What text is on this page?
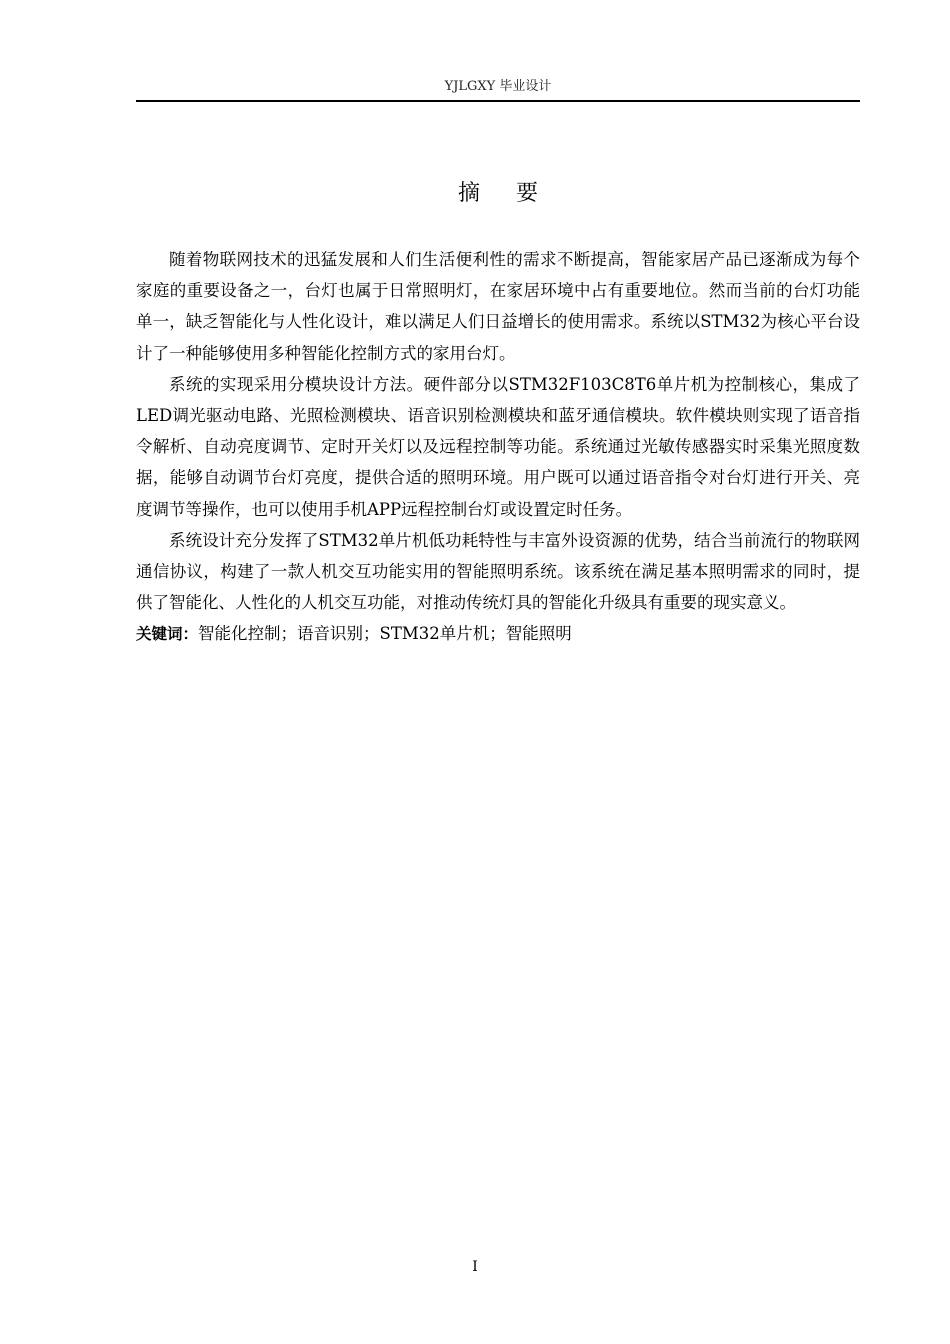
YJLGXY 毕业设计
摘要

随着物联网技术的迅猛发展和人们生活便利性的需求不断提高，智能家居产品已逐渐成为每个家庭的重要设备之一，台灯也属于日常照明灯，在家居环境中占有重要地位。然而当前的台灯功能单一，缺乏智能化与人性化设计，难以满足人们日益增长的使用需求。系统以STM32为核心平台设计了一种能够使用多种智能化控制方式的家用台灯。

系统的实现采用分模块设计方法。硬件部分以STM32F103C8T6单片机为控制核心，集成了LED调光驱动电路、光照检测模块、语音识别检测模块和蓝牙通信模块。软件模块则实现了语音指令解析、自动亮度调节、定时开关灯以及远程控制等功能。系统通过光敏传感器实时采集光照度数据，能够自动调节台灯亮度，提供合适的照明环境。用户既可以通过语音指令对台灯进行开关、亮度调节等操作，也可以使用手机APP远程控制台灯或设置定时任务。

系统设计充分发挥了STM32单片机低功耗特性与丰富外设资源的优势，结合当前流行的物联网通信协议，构建了一款人机交互功能实用的智能照明系统。该系统在满足基本照明需求的同时，提供了智能化、人性化的人机交互功能，对推动传统灯具的智能化升级具有重要的现实意义。

关键词：智能化控制；语音识别；STM32单片机；智能照明

I
